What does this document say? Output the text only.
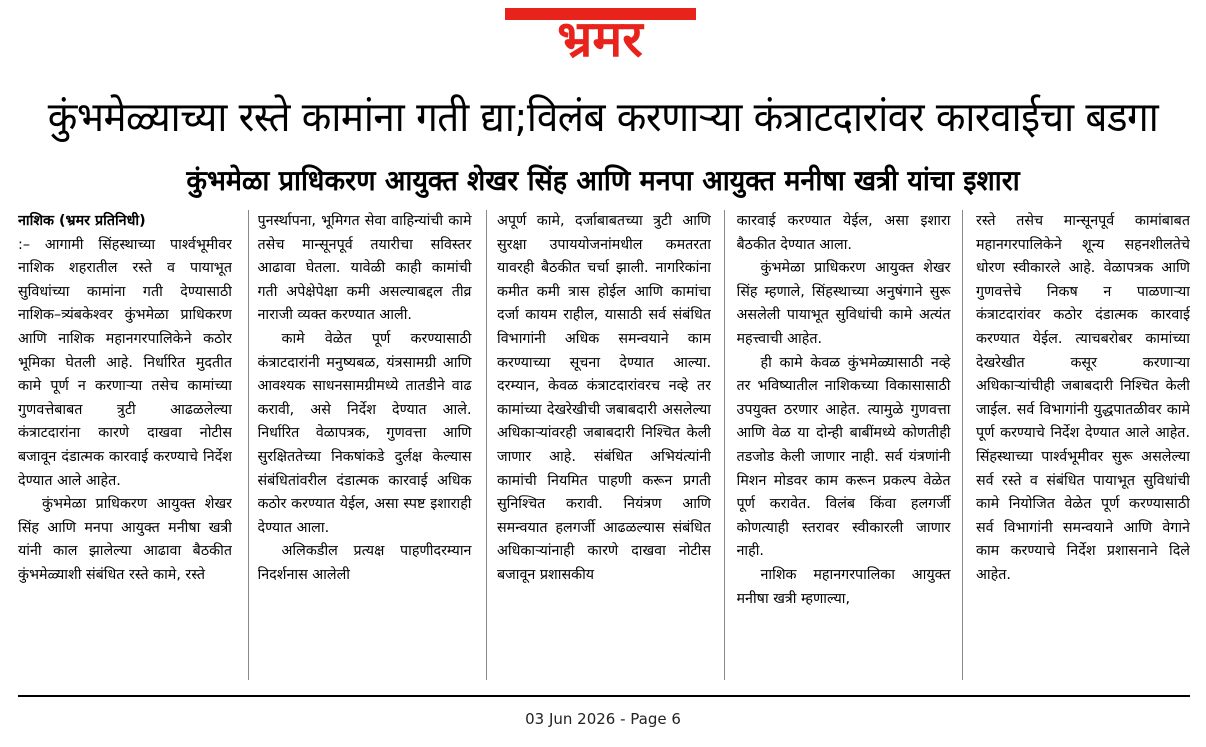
भ्रमर
कुंभमेळ्याच्या रस्ते कामांना गती द्या;विलंब करणाऱ्या कंत्राटदारांवर कारवाईचा बडगा
कुंभमेळा प्राधिकरण आयुक्त शेखर सिंह आणि मनपा आयुक्त मनीषा खत्री यांचा इशारा

नाशिक (भ्रमर प्रतिनिधी)
:– आगामी सिंहस्थाच्या पार्श्वभूमीवर नाशिक शहरातील रस्ते व पायाभूत सुविधांच्या कामांना गती देण्यासाठी नाशिक–त्र्यंबकेश्वर कुंभमेळा प्राधिकरण आणि नाशिक महानगरपालिकेने कठोर भूमिका घेतली आहे. निर्धारित मुदतीत कामे पूर्ण न करणाऱ्या तसेच कामांच्या गुणवत्तेबाबत त्रुटी आढळलेल्या कंत्राटदारांना कारणे दाखवा नोटीस बजावून दंडात्मक कारवाई करण्याचे निर्देश देण्यात आले आहेत.

कुंभमेळा प्राधिकरण आयुक्त शेखर सिंह आणि मनपा आयुक्त मनीषा खत्री यांनी काल झालेल्या आढावा बैठकीत कुंभमेळ्याशी संबंधित रस्ते कामे, रस्ते

पुनर्स्थापना, भूमिगत सेवा वाहिन्यांची कामे तसेच मान्सूनपूर्व तयारीचा सविस्तर आढावा घेतला. यावेळी काही कामांची गती अपेक्षेपेक्षा कमी असल्याबद्दल तीव्र नाराजी व्यक्त करण्यात आली.

कामे वेळेत पूर्ण करण्यासाठी कंत्राटदारांनी मनुष्यबळ, यंत्रसामग्री आणि आवश्यक साधनसामग्रीमध्ये तातडीने वाढ करावी, असे निर्देश देण्यात आले. निर्धारित वेळापत्रक, गुणवत्ता आणि सुरक्षिततेच्या निकषांकडे दुर्लक्ष केल्यास संबंधितांवरील दंडात्मक कारवाई अधिक कठोर करण्यात येईल, असा स्पष्ट इशाराही देण्यात आला.

अलिकडील प्रत्यक्ष पाहणीदरम्यान निदर्शनास आलेली

अपूर्ण कामे, दर्जाबाबतच्या त्रुटी आणि सुरक्षा उपाययोजनांमधील कमतरता यावरही बैठकीत चर्चा झाली. नागरिकांना कमीत कमी त्रास होईल आणि कामांचा दर्जा कायम राहील, यासाठी सर्व संबंधित विभागांनी अधिक समन्वयाने काम करण्याच्या सूचना देण्यात आल्या. दरम्यान, केवळ कंत्राटदारांवरच नव्हे तर कामांच्या देखरेखीची जबाबदारी असलेल्या अधिकाऱ्यांवरही जबाबदारी निश्चित केली जाणार आहे. संबंधित अभियंत्यांनी कामांची नियमित पाहणी करून प्रगती सुनिश्चित करावी. नियंत्रण आणि समन्वयात हलगर्जी आढळल्यास संबंधित अधिकाऱ्यांनाही कारणे दाखवा नोटीस बजावून प्रशासकीय

कारवाई करण्यात येईल, असा इशारा बैठकीत देण्यात आला.

कुंभमेळा प्राधिकरण आयुक्त शेखर सिंह म्हणाले, सिंहस्थाच्या अनुषंगाने सुरू असलेली पायाभूत सुविधांची कामे अत्यंत महत्त्वाची आहेत.

ही कामे केवळ कुंभमेळ्यासाठी नव्हे तर भविष्यातील नाशिकच्या विकासासाठी उपयुक्त ठरणार आहेत. त्यामुळे गुणवत्ता आणि वेळ या दोन्ही बाबींमध्ये कोणतीही तडजोड केली जाणार नाही. सर्व यंत्रणांनी मिशन मोडवर काम करून प्रकल्प वेळेत पूर्ण करावेत. विलंब किंवा हलगर्जी कोणत्याही स्तरावर स्वीकारली जाणार नाही.

नाशिक महानगरपालिका आयुक्त मनीषा खत्री म्हणाल्या,

रस्ते तसेच मान्सूनपूर्व कामांबाबत महानगरपालिकेने शून्य सहनशीलतेचे धोरण स्वीकारले आहे. वेळापत्रक आणि गुणवत्तेचे निकष न पाळणाऱ्या कंत्राटदारांवर कठोर दंडात्मक कारवाई करण्यात येईल. त्याचबरोबर कामांच्या देखरेखीत कसूर करणाऱ्या अधिकाऱ्यांचीही जबाबदारी निश्चित केली जाईल. सर्व विभागांनी युद्धपातळीवर कामे पूर्ण करण्याचे निर्देश देण्यात आले आहेत. सिंहस्थाच्या पार्श्वभूमीवर सुरू असलेल्या सर्व रस्ते व संबंधित पायाभूत सुविधांची कामे नियोजित वेळेत पूर्ण करण्यासाठी सर्व विभागांनी समन्वयाने आणि वेगाने काम करण्याचे निर्देश प्रशासनाने दिले आहेत.

03 Jun 2026 - Page 6
